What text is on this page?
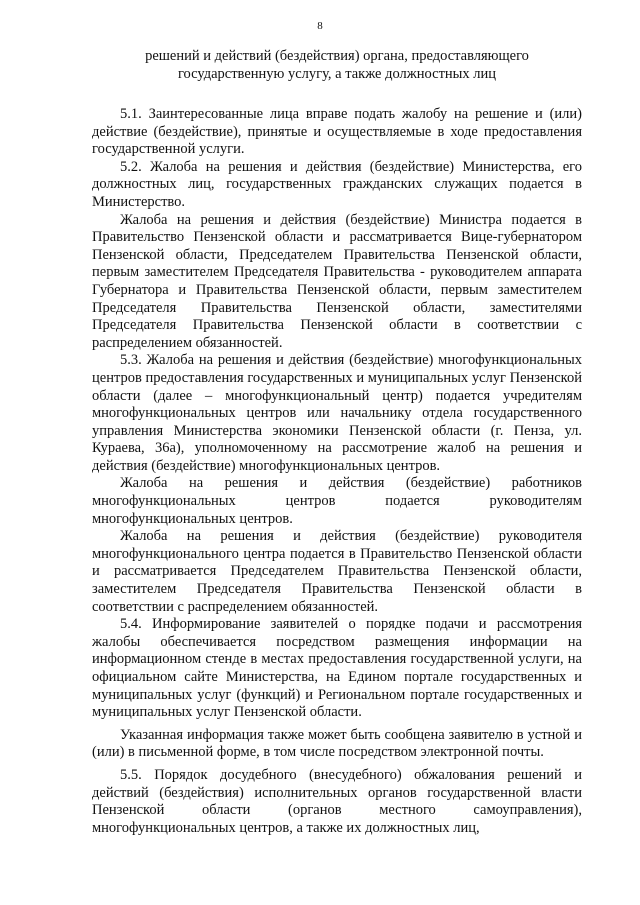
8
решений и действий (бездействия) органа, предоставляющего государственную услугу, а также должностных лиц

5.1. Заинтересованные лица вправе подать жалобу на решение и (или) действие (бездействие), принятые и осуществляемые в ходе предоставления государственной услуги.

5.2. Жалоба на решения и действия (бездействие) Министерства, его должностных лиц, государственных гражданских служащих подается в Министерство.

Жалоба на решения и действия (бездействие) Министра подается в Правительство Пензенской области и рассматривается Вице-губернатором Пензенской области, Председателем Правительства Пензенской области, первым заместителем Председателя Правительства - руководителем аппарата Губернатора и Правительства Пензенской области, первым заместителем Председателя Правительства Пензенской области, заместителями Председателя Правительства Пензенской области в соответствии с распределением обязанностей.

5.3. Жалоба на решения и действия (бездействие) многофункциональных центров предоставления государственных и муниципальных услуг Пензенской области (далее – многофункциональный центр) подается учредителям многофункциональных центров или начальнику отдела государственного управления Министерства экономики Пензенской области (г. Пенза, ул. Кураева, 36а), уполномоченному на рассмотрение жалоб на решения и действия (бездействие) многофункциональных центров.

Жалоба на решения и действия (бездействие) работников многофункциональных центров подается руководителям многофункциональных центров.

Жалоба на решения и действия (бездействие) руководителя многофункционального центра подается в Правительство Пензенской области и рассматривается Председателем Правительства Пензенской области, заместителем Председателя Правительства Пензенской области в соответствии с распределением обязанностей.

5.4. Информирование заявителей о порядке подачи и рассмотрения жалобы обеспечивается посредством размещения информации на информационном стенде в местах предоставления государственной услуги, на официальном сайте Министерства, на Едином портале государственных и муниципальных услуг (функций) и Региональном портале государственных и муниципальных услуг Пензенской области.

Указанная информация также может быть сообщена заявителю в устной и (или) в письменной форме, в том числе посредством электронной почты.

5.5. Порядок досудебного (внесудебного) обжалования решений и действий (бездействия) исполнительных органов государственной власти Пензенской области (органов местного самоуправления), многофункциональных центров, а также их должностных лиц,
